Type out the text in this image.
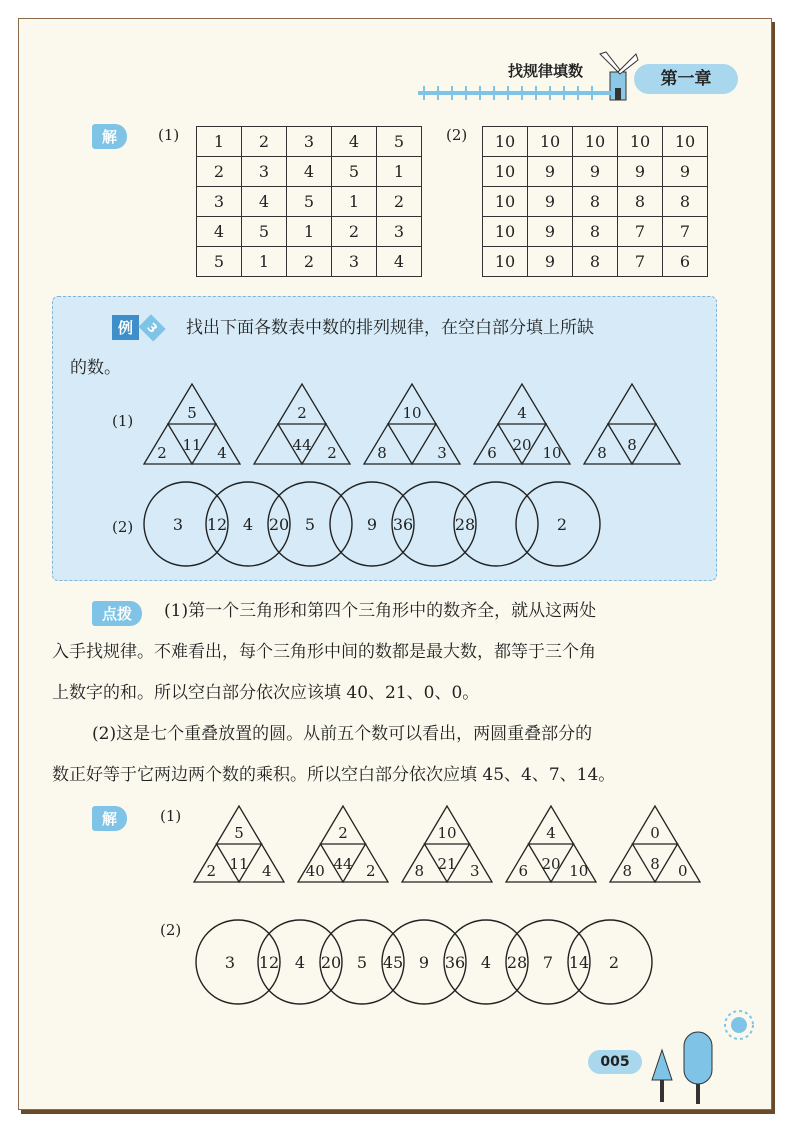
找规律填数	第一章
解	(1) 1	2	3	4	5
2	3	4	5	1
3	4	5	1	2
4	5	1	2	3
5	1	2	3	4
(2) 10	10	10	10	10
10	9	9	9	9
10	9	8	8	8
10	9	8	7	7
10	9	8	7	6
例 3	找出下面各数表中数的排列规律，在空白部分填上所缺
的数。
(1)	5
11
2	4
2
44 2
10
8	3
4
20
6	10	8
8
(2) 3	4	5	9	2
12	20	36	28
点拨	(1)第一个三角形和第四个三角形中的数齐全，就从这两处
入手找规律。不难看出，每个三角形中间的数都是最大数，都等于三个角
上数字的和。所以空白部分依次应该填 40、21、0、0。
(2)这是七个重叠放置的圆。从前五个数可以看出，两圆重叠部分的
数正好等于它两边两个数的乘积。所以空白部分依次应填 45、4、7、14。
解	(1)
5
11
2	4
2
44
40	2
10
21
8	3
4
20
6	10
0
8
8	0
(2)
3	4	5	9	4	7	2
12	20	45	36	28	14
005
